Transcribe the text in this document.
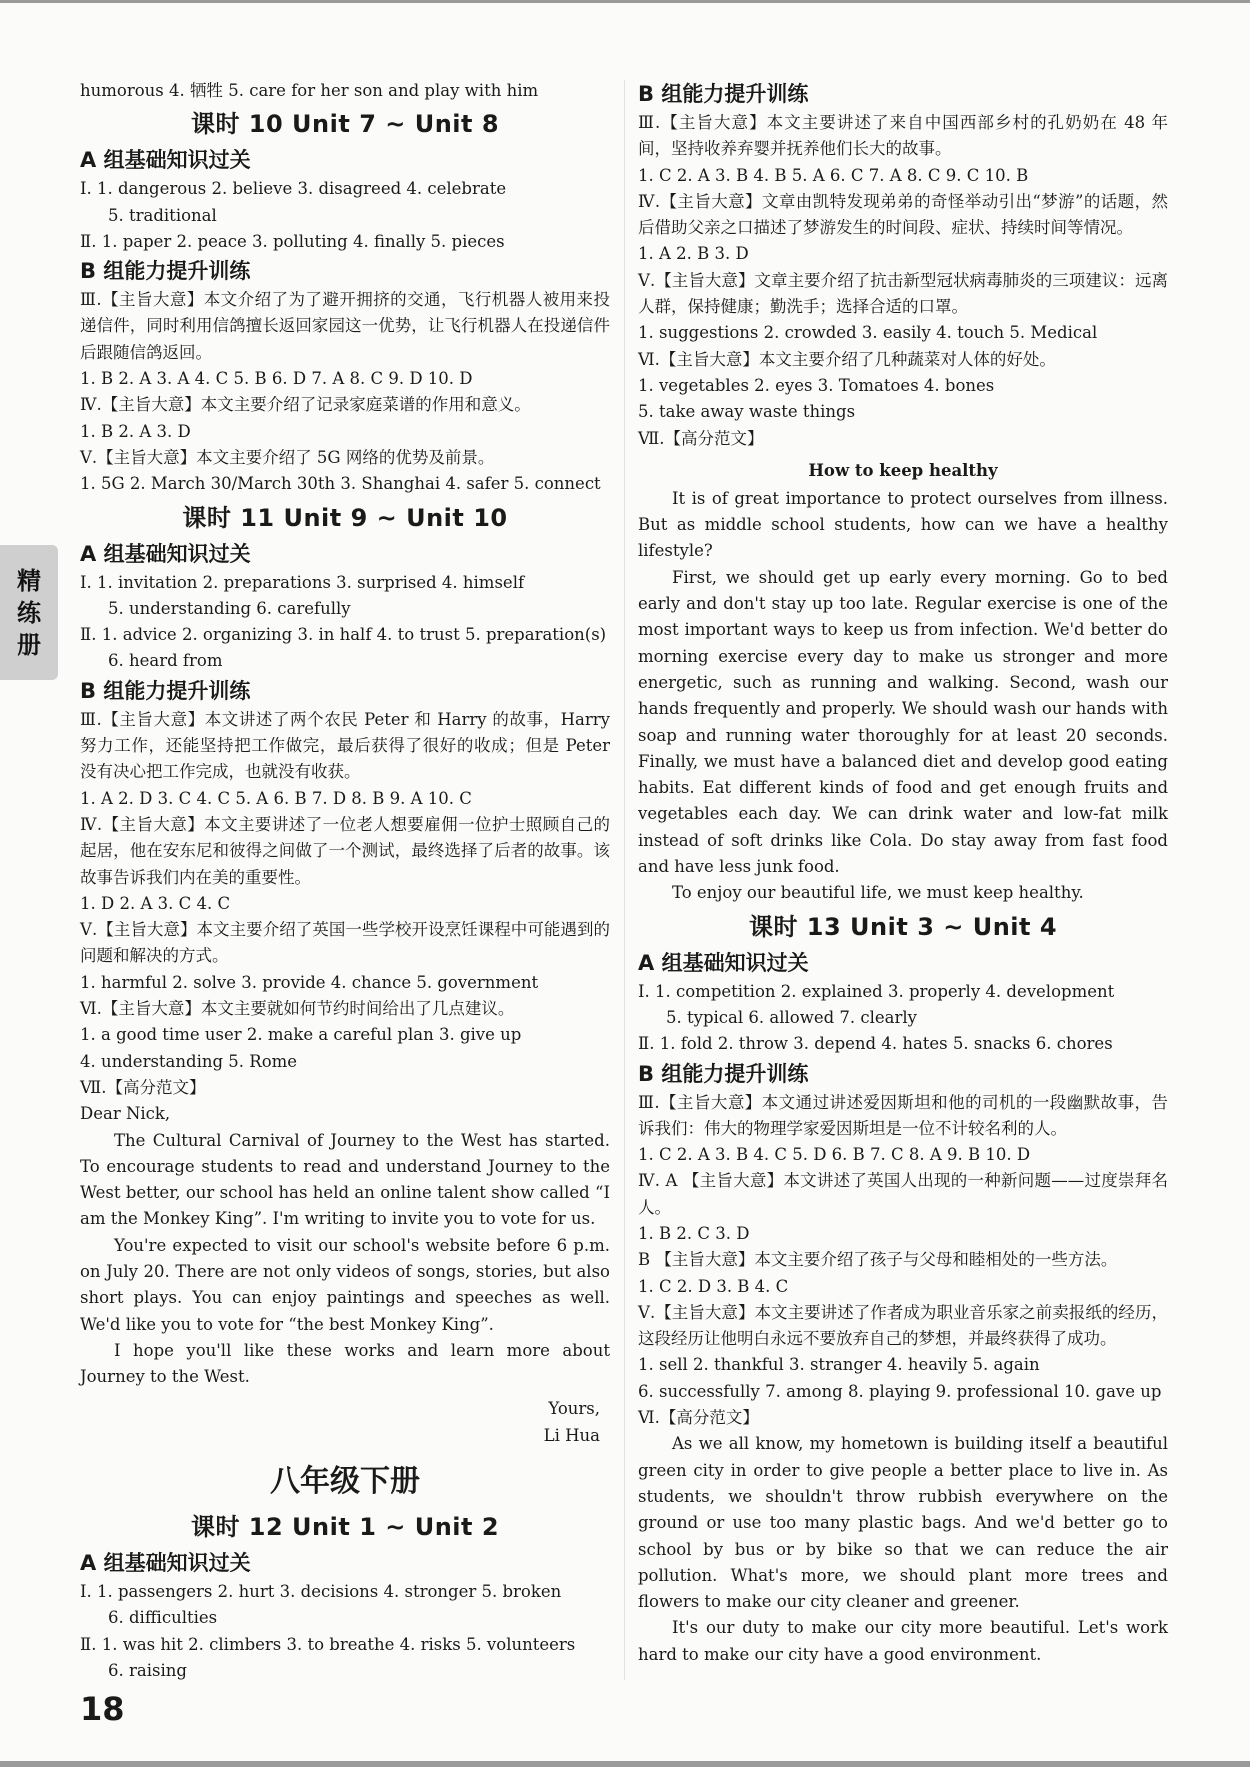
精
练
册
humorous 4. 牺牲 5. care for her son and play with him
课时 10 Unit 7 ~ Unit 8
A 组基础知识过关
Ⅰ. 1. dangerous 2. believe 3. disagreed 4. celebrate
5. traditional
Ⅱ. 1. paper 2. peace 3. polluting 4. finally 5. pieces
B 组能力提升训练
Ⅲ.【主旨大意】本文介绍了为了避开拥挤的交通，飞行机器人被用来投递信件，同时利用信鸽擅长返回家园这一优势，让飞行机器人在投递信件后跟随信鸽返回。
1. B 2. A 3. A 4. C 5. B 6. D 7. A 8. C 9. D 10. D
Ⅳ.【主旨大意】本文主要介绍了记录家庭菜谱的作用和意义。
1. B 2. A 3. D
Ⅴ.【主旨大意】本文主要介绍了 5G 网络的优势及前景。
1. 5G 2. March 30/March 30th 3. Shanghai 4. safer 5. connect
课时 11 Unit 9 ~ Unit 10
A 组基础知识过关
Ⅰ. 1. invitation 2. preparations 3. surprised 4. himself
5. understanding 6. carefully
Ⅱ. 1. advice 2. organizing 3. in half 4. to trust 5. preparation(s)
6. heard from
B 组能力提升训练
Ⅲ.【主旨大意】本文讲述了两个农民 Peter 和 Harry 的故事，Harry 努力工作，还能坚持把工作做完，最后获得了很好的收成；但是 Peter 没有决心把工作完成，也就没有收获。
1. A 2. D 3. C 4. C 5. A 6. B 7. D 8. B 9. A 10. C
Ⅳ.【主旨大意】本文主要讲述了一位老人想要雇佣一位护士照顾自己的起居，他在安东尼和彼得之间做了一个测试，最终选择了后者的故事。该故事告诉我们内在美的重要性。
1. D 2. A 3. C 4. C
Ⅴ.【主旨大意】本文主要介绍了英国一些学校开设烹饪课程中可能遇到的问题和解决的方式。
1. harmful 2. solve 3. provide 4. chance 5. government
Ⅵ.【主旨大意】本文主要就如何节约时间给出了几点建议。
1. a good time user 2. make a careful plan 3. give up
4. understanding 5. Rome
Ⅶ.【高分范文】
Dear Nick,
The Cultural Carnival of Journey to the West has started. To encourage students to read and understand Journey to the West better, our school has held an online talent show called “I am the Monkey King”. I'm writing to invite you to vote for us.
You're expected to visit our school's website before 6 p.m. on July 20. There are not only videos of songs, stories, but also short plays. You can enjoy paintings and speeches as well. We'd like you to vote for “the best Monkey King”.
I hope you'll like these works and learn more about Journey to the West.
Yours,
Li Hua
八年级下册
课时 12 Unit 1 ~ Unit 2
A 组基础知识过关
Ⅰ. 1. passengers 2. hurt 3. decisions 4. stronger 5. broken
6. difficulties
Ⅱ. 1. was hit 2. climbers 3. to breathe 4. risks 5. volunteers
6. raising
B 组能力提升训练
Ⅲ.【主旨大意】本文主要讲述了来自中国西部乡村的孔奶奶在 48 年间，坚持收养弃婴并抚养他们长大的故事。
1. C 2. A 3. B 4. B 5. A 6. C 7. A 8. C 9. C 10. B
Ⅳ.【主旨大意】文章由凯特发现弟弟的奇怪举动引出“梦游”的话题，然后借助父亲之口描述了梦游发生的时间段、症状、持续时间等情况。
1. A 2. B 3. D
Ⅴ.【主旨大意】文章主要介绍了抗击新型冠状病毒肺炎的三项建议：远离人群，保持健康；勤洗手；选择合适的口罩。
1. suggestions 2. crowded 3. easily 4. touch 5. Medical
Ⅵ.【主旨大意】本文主要介绍了几种蔬菜对人体的好处。
1. vegetables 2. eyes 3. Tomatoes 4. bones
5. take away waste things
Ⅶ.【高分范文】
How to keep healthy
It is of great importance to protect ourselves from illness. But as middle school students, how can we have a healthy lifestyle?
First, we should get up early every morning. Go to bed early and don't stay up too late. Regular exercise is one of the most important ways to keep us from infection. We'd better do morning exercise every day to make us stronger and more energetic, such as running and walking. Second, wash our hands frequently and properly. We should wash our hands with soap and running water thoroughly for at least 20 seconds. Finally, we must have a balanced diet and develop good eating habits. Eat different kinds of food and get enough fruits and vegetables each day. We can drink water and low-fat milk instead of soft drinks like Cola. Do stay away from fast food and have less junk food.
To enjoy our beautiful life, we must keep healthy.
课时 13 Unit 3 ~ Unit 4
A 组基础知识过关
Ⅰ. 1. competition 2. explained 3. properly 4. development
5. typical 6. allowed 7. clearly
Ⅱ. 1. fold 2. throw 3. depend 4. hates 5. snacks 6. chores
B 组能力提升训练
Ⅲ.【主旨大意】本文通过讲述爱因斯坦和他的司机的一段幽默故事，告诉我们：伟大的物理学家爱因斯坦是一位不计较名利的人。
1. C 2. A 3. B 4. C 5. D 6. B 7. C 8. A 9. B 10. D
Ⅳ. A 【主旨大意】本文讲述了英国人出现的一种新问题——过度崇拜名人。
1. B 2. C 3. D
B 【主旨大意】本文主要介绍了孩子与父母和睦相处的一些方法。
1. C 2. D 3. B 4. C
Ⅴ.【主旨大意】本文主要讲述了作者成为职业音乐家之前卖报纸的经历，这段经历让他明白永远不要放弃自己的梦想，并最终获得了成功。
1. sell 2. thankful 3. stranger 4. heavily 5. again
6. successfully 7. among 8. playing 9. professional 10. gave up
Ⅵ.【高分范文】
As we all know, my hometown is building itself a beautiful green city in order to give people a better place to live in. As students, we shouldn't throw rubbish everywhere on the ground or use too many plastic bags. And we'd better go to school by bus or by bike so that we can reduce the air pollution. What's more, we should plant more trees and flowers to make our city cleaner and greener.
It's our duty to make our city more beautiful. Let's work hard to make our city have a good environment.
18
